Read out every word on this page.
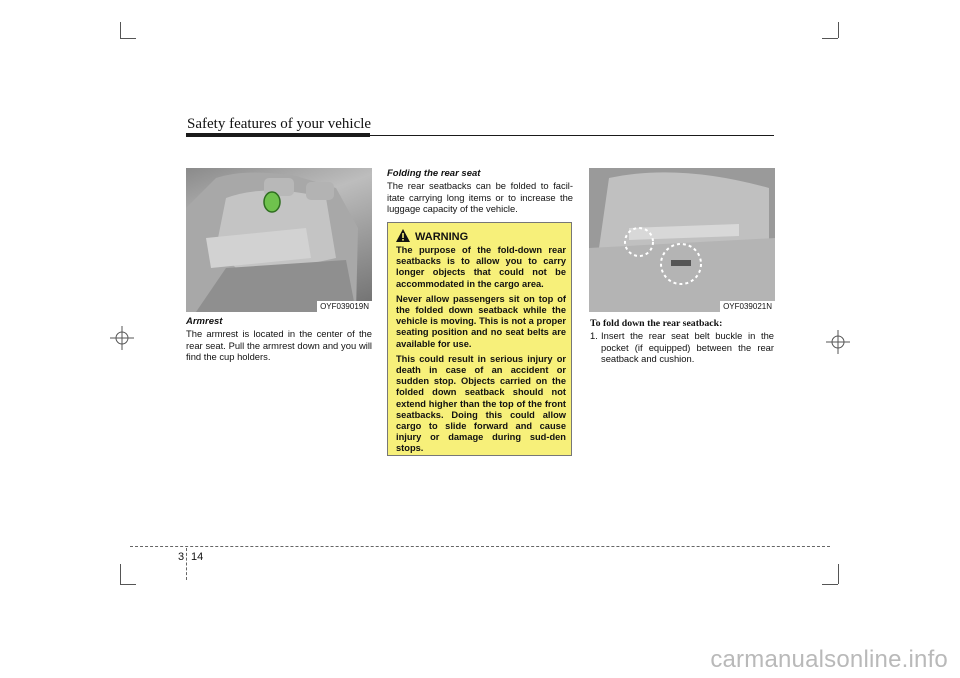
Safety features of your vehicle
OYF039019N
Armrest
The armrest is located in the center of the rear seat. Pull the armrest down and you will find the cup holders.
Folding the rear seat
The rear seatbacks can be folded to facil-itate carrying long items or to increase the luggage capacity of the vehicle.
WARNING

The purpose of the fold-down rear seatbacks is to allow you to carry longer objects that could not be accommodated in the cargo area.

Never allow passengers sit on top of the folded down seatback while the vehicle is moving. This is not a proper seating position and no seat belts are available for use.

This could result in serious injury or death in case of an accident or sudden stop. Objects carried on the folded down seatback should not extend higher than the top of the front seatbacks. Doing this could allow cargo to slide forward and cause injury or damage during sud-den stops.

OYF039021N
To fold down the rear seatback:
1. Insert the rear seat belt buckle in the pocket (if equipped) between the rear seatback and cushion.
3 14
carmanualsonline.info
